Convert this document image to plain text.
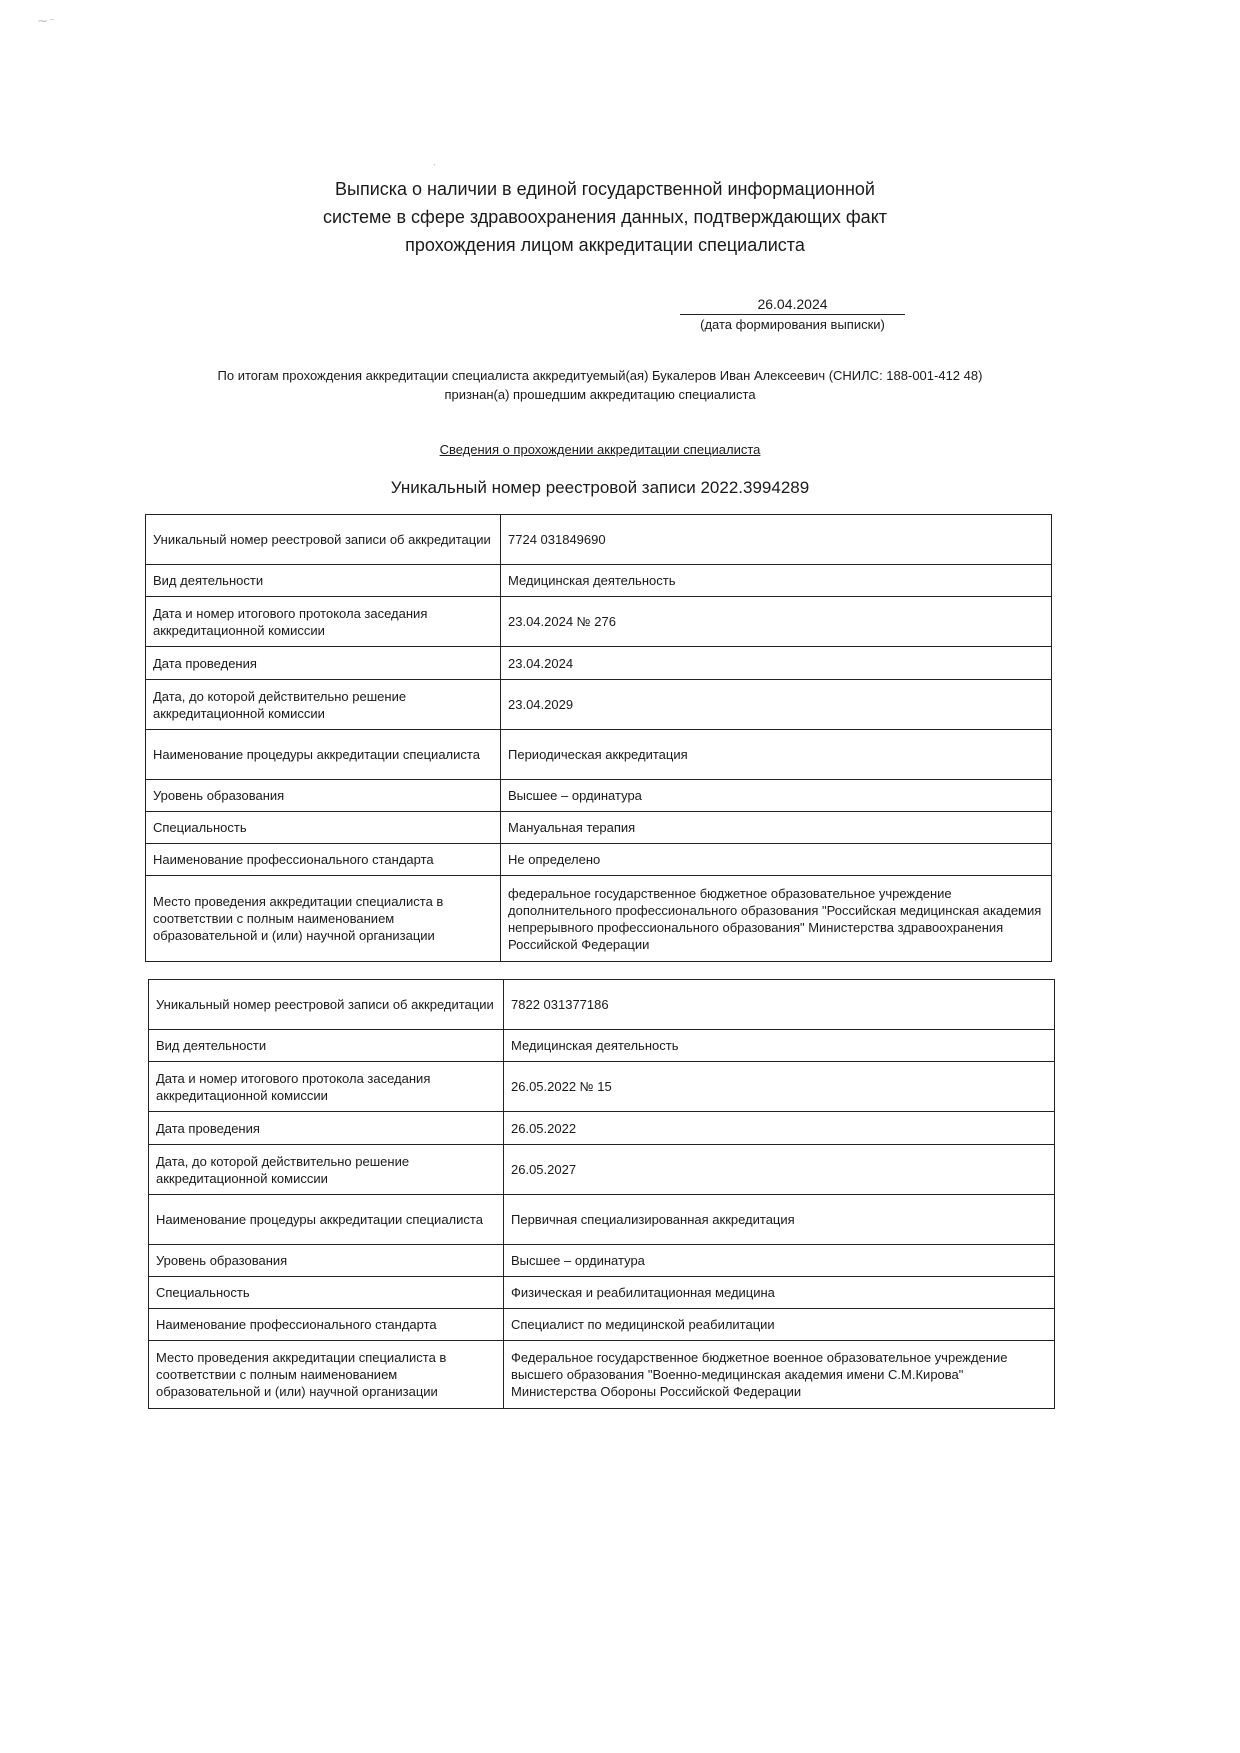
⁓ ⁻
ˋ
Выписка о наличии в единой государственной информационной
системе в сфере здравоохранения данных, подтверждающих факт
прохождения лицом аккредитации специалиста
26.04.2024
(дата формирования выписки)
По итогам прохождения аккредитации специалиста аккредитуемый(ая) Букалеров Иван Алексеевич (СНИЛС: 188-001-412 48)
признан(а) прошедшим аккредитацию специалиста
Сведения о прохождении аккредитации специалиста
Уникальный номер реестровой записи 2022.3994289
Уникальный номер реестровой записи об аккредитации	7724 031849690
Вид деятельности	Медицинская деятельность
Дата и номер итогового протокола заседания аккредитационной комиссии	23.04.2024 № 276
Дата проведения	23.04.2024
Дата, до которой действительно решение аккредитационной комиссии	23.04.2029
Наименование процедуры аккредитации специалиста	Периодическая аккредитация
Уровень образования	Высшее – ординатура
Специальность	Мануальная терапия
Наименование профессионального стандарта	Не определено
Место проведения аккредитации специалиста в соответствии с полным наименованием образовательной и (или) научной организации	федеральное государственное бюджетное образовательное учреждение дополнительного профессионального образования "Российская медицинская академия непрерывного профессионального образования" Министерства здравоохранения Российской Федерации
Уникальный номер реестровой записи об аккредитации	7822 031377186
Вид деятельности	Медицинская деятельность
Дата и номер итогового протокола заседания аккредитационной комиссии	26.05.2022 № 15
Дата проведения	26.05.2022
Дата, до которой действительно решение аккредитационной комиссии	26.05.2027
Наименование процедуры аккредитации специалиста	Первичная специализированная аккредитация
Уровень образования	Высшее – ординатура
Специальность	Физическая и реабилитационная медицина
Наименование профессионального стандарта	Специалист по медицинской реабилитации
Место проведения аккредитации специалиста в соответствии с полным наименованием образовательной и (или) научной организации	Федеральное государственное бюджетное военное образовательное учреждение высшего образования "Военно-медицинская академия имени С.М.Кирова" Министерства Обороны Российской Федерации
